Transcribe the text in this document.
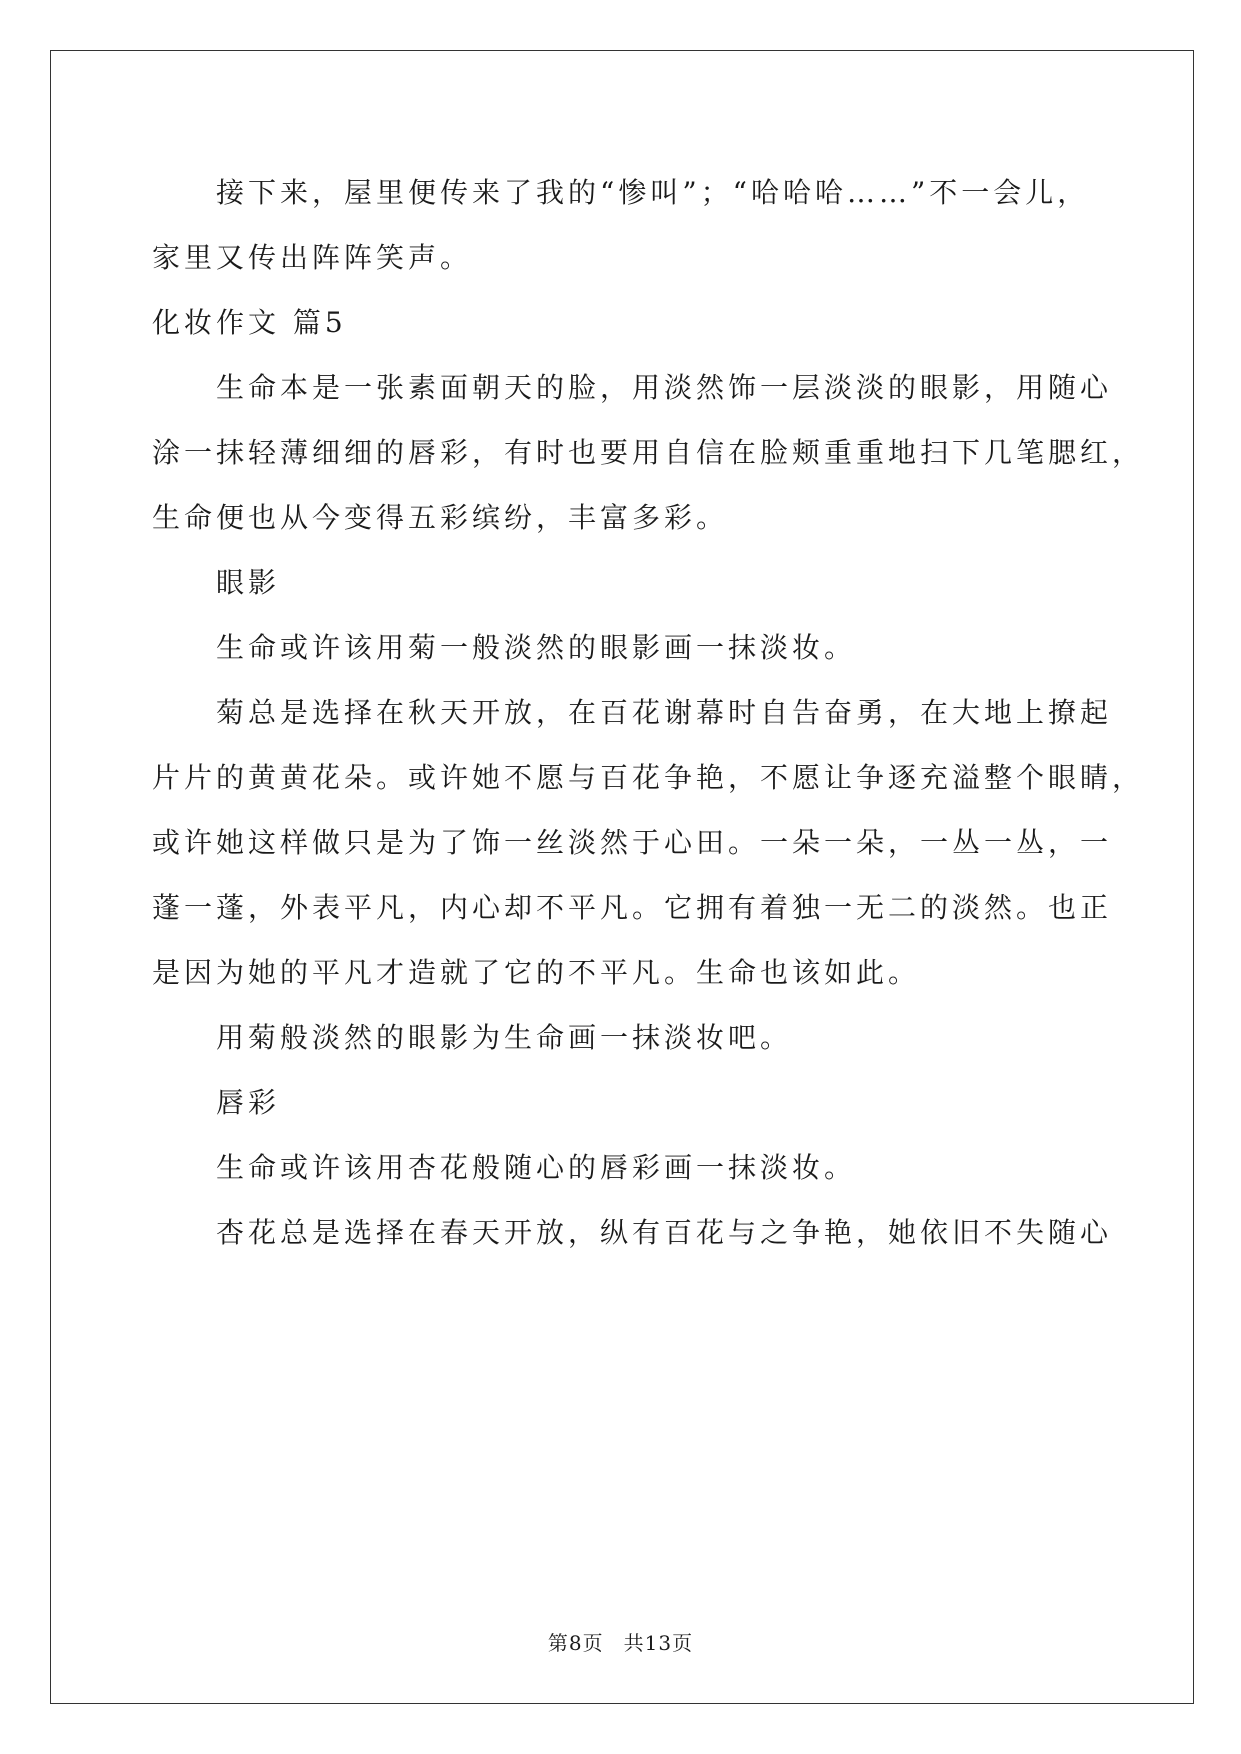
接下来，屋里便传来了我的“惨叫”；“哈哈哈……”不一会儿，
家里又传出阵阵笑声。
化妆作文 篇5
生命本是一张素面朝天的脸，用淡然饰一层淡淡的眼影，用随心
涂一抹轻薄细细的唇彩，有时也要用自信在脸颊重重地扫下几笔腮红，
生命便也从今变得五彩缤纷，丰富多彩。
眼影
生命或许该用菊一般淡然的眼影画一抹淡妆。
菊总是选择在秋天开放，在百花谢幕时自告奋勇，在大地上撩起
片片的黄黄花朵。或许她不愿与百花争艳，不愿让争逐充溢整个眼睛，
或许她这样做只是为了饰一丝淡然于心田。一朵一朵，一丛一丛，一
蓬一蓬，外表平凡，内心却不平凡。它拥有着独一无二的淡然。也正
是因为她的平凡才造就了它的不平凡。生命也该如此。
用菊般淡然的眼影为生命画一抹淡妆吧。
唇彩
生命或许该用杏花般随心的唇彩画一抹淡妆。
杏花总是选择在春天开放，纵有百花与之争艳，她依旧不失随心
第8页 共13页
